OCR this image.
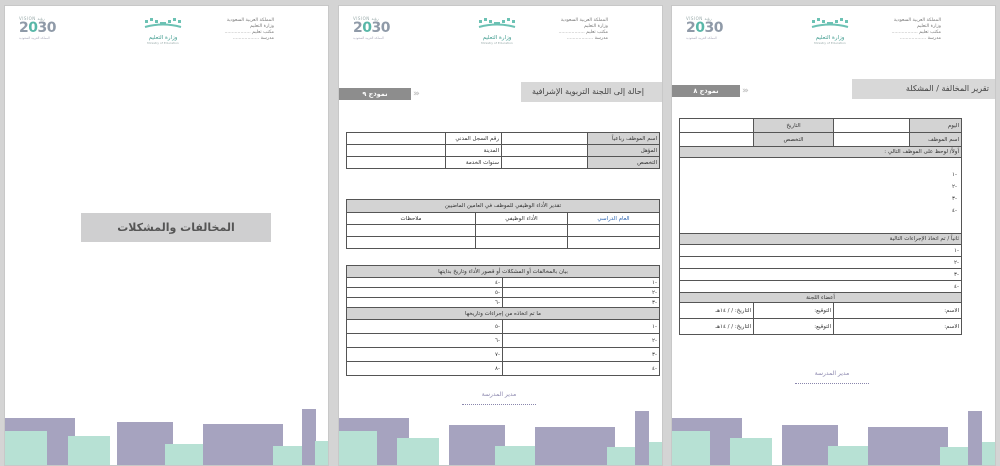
المملكة العربية السعودية
وزارة التعليم
مكتب تعليم ..................
مدرسة ..................
وزارة التعليم
Ministry of Education
VISION رؤية
2030
المملكة العربية السعودية
المخالفات والمشكلات
المملكة العربية السعودية
وزارة التعليم
مكتب تعليم ..................
مدرسة ..................
وزارة التعليم
Ministry of Education
VISION رؤية
2030
المملكة العربية السعودية
إحالة إلى اللجنة التربوية الإشرافية
نموذج ٩	›››
اسم الموظف رباعياً		رقم السجل المدني	
المؤهل		المدينة	
التخصص		سنوات الخدمة	
تقدير الأداء الوظيفي للموظف في العامين الماضيين		
العام الدراسي	الأداء الوظيفي	ملاحظات

بيان بالمخالفات أو المشكلات أو قصور الأداء وتاريخ بدايتها	
-١	-٤
-٢	-٥
-٣	-٦
ما تم اتخاذه من إجراءات وتاريخها	
-١	-٥
-٢	-٦
-٣	-٧
-٤	-٨
مدير المدرسة
المملكة العربية السعودية
وزارة التعليم
مكتب تعليم ..................
مدرسة ..................
وزارة التعليم
Ministry of Education
VISION رؤية
2030
المملكة العربية السعودية
تقرير المخالفة / المشكلة
نموذج ٨	›››
اليوم		التاريخ	
اسم الموظف		التخصص	
أولاً/ لوحظ على الموظف التالي :			

-١
-٢
-٣
-٤			

ثانياً / تم اتخاذ الإجراءات التالية			
-١			
-٢			
-٣			
-٤			
أعضاء اللجنة			
الاسم:		التوقيع:	التاريخ: / / ١٤هـ
الاسم:		التوقيع:	التاريخ: / / ١٤هـ
مدير المدرسة
